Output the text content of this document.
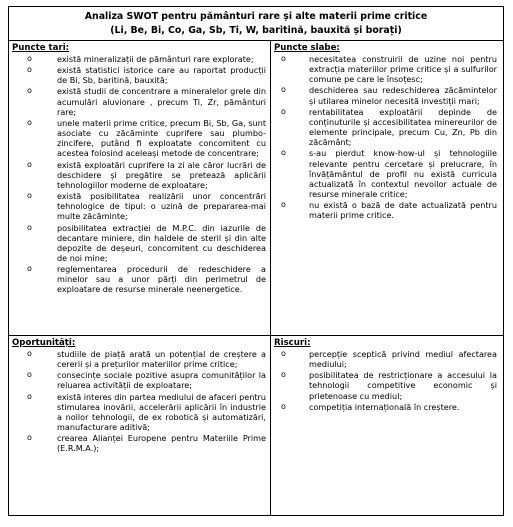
Analiza SWOT pentru pământuri rare și alte materii prime critice
(Li, Be, Bi, Co, Ga, Sb, Ti, W, baritină, bauxită și borați)
Puncte tari:
o	există mineralizații de pământuri rare explorate;
o	există statistici istorice care au raportat producții de Bi, Sb, baritină, bauxită;
o	există studii de concentrare a mineralelor grele din acumulări aluvionare , precum Ti, Zr, pământuri rare;
o	unele materii prime critice, precum Bi, Sb, Ga, sunt asociate cu zăcăminte cuprifere sau plumbo-zincifere, putând fi exploatate concomitent cu acestea folosind aceleași metode de concentrare;
o	există exploatări cuprifere la zi ale căror lucrări de deschidere și pregătire se pretează aplicării tehnologiilor moderne de exploatare;
o	există posibilitatea realizării unor concentrări tehnologice de tipul: o uzină de prepararea-mai multe zăcăminte;
o	posibilitatea extracției de M.P.C. din iazurile de decantare miniere, din haldele de steril și din alte depozite de deșeuri, concomitent cu deschiderea de noi mine;
o	reglementarea procedurii de redeschidere a minelor sau a unor părți din perimetrul de exploatare de resurse minerale neenergetice.
Puncte slabe:
o	necesitatea construirii de uzine noi pentru extracția materiilor prime critice și a sulfurilor comune pe care le însoțesc;
o	deschiderea sau redeschiderea zăcămintelor și utilarea minelor necesită investiții mari;
o	rentabilitatea exploatării depinde de conținuturile și accesibilitatea minereurilor de elemente principale, precum Cu, Zn, Pb din zăcământ;
o	s-au pierdut know-how-ul și tehnologiile relevante pentru cercetare și prelucrare, în învățământul de profil nu există curricula actualizată în contextul nevoilor actuale de resurse minerale critice;
o	nu există o bază de date actualizată pentru materii prime critice.
Oportunități:
o	studiile de piață arată un potențial de creștere a cererii și a prețurilor materiilor prime critice;
o	consecințe sociale pozitive asupra comunităților la reluarea activității de exploatare;
o	există interes din partea mediului de afaceri pentru stimularea inovării, accelerării aplicării în industrie a noilor tehnologii, de ex robotică și automatizări, manufacturare aditivă;
o	crearea Alianței Europene pentru Materiile Prime (E.R.M.A.);
Riscuri:
o	percepție sceptică privind mediul afectarea mediului;
o	posibilitatea de restricționare a accesului la tehnologii competitive economic și prietenoase cu mediul;
o	competiția internațională în creștere.
